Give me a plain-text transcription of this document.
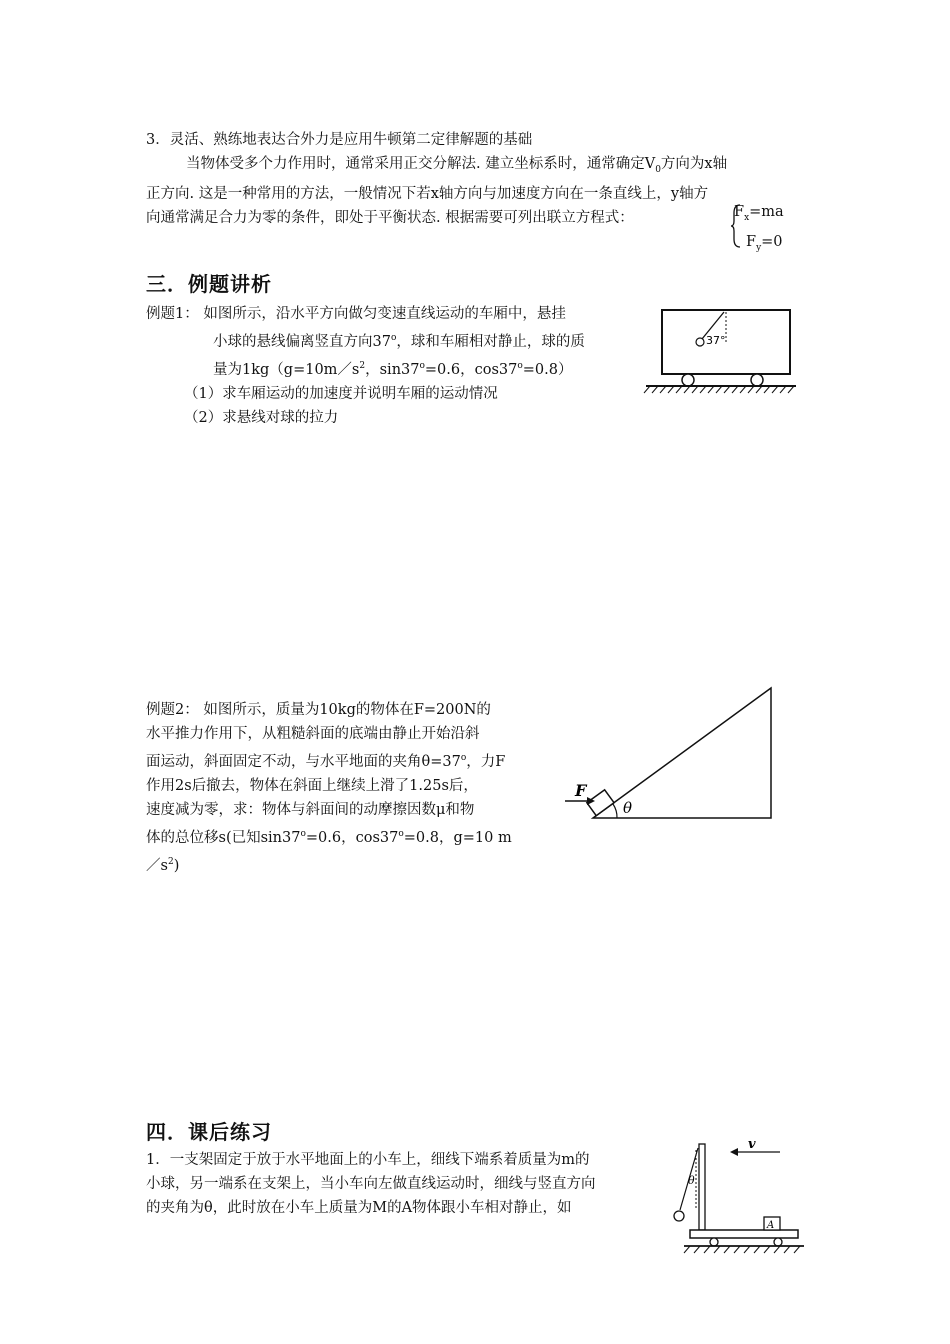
3．灵活、熟练地表达合外力是应用牛顿第二定律解题的基础
当物体受多个力作用时，通常采用正交分解法. 建立坐标系时，通常确定$V_0$方向为x轴
正方向. 这是一种常用的方法，一般情况下若x轴方向与加速度方向在一条直线上，y轴方
向通常满足合力为零的条件，即处于平衡状态. 根据需要可列出联立方程式：	$F_x=ma$
$F_y=0$
三．例题讲析
例题1： 如图所示，沿水平方向做匀变速直线运动的车厢中，悬挂
小球的悬线偏离竖直方向37$^o$，球和车厢相对静止，球的质
量为$1kg(g=10m/s^2$，$\sin 37^o=0.6$，$\cos 37^o=0.8$）
（1）求车厢运动的加速度并说明车厢的运动情况
（2）求悬线对球的拉力
37°
例题2： 如图所示，质量为10kg的物体在F=200N的
水平推力作用下，从粗糙斜面的底端由静止开始沿斜
面运动，斜面固定不动，与水平地面的夹角$\theta=37^o$，力F
作用2s后撤去，物体在斜面上继续上滑了1.25s后，
速度减为零，求：物体与斜面间的动摩擦因数μ和物
体的总位移s(已知$\sin 37^o=0.6$，$\cos 37^o=0.8$，g=10 m
$/s^2$)
F
θ
四．课后练习
1．一支架固定于放于水平地面上的小车上，细线下端系着质量为m的
小球，另一端系在支架上，当小车向左做直线运动时，细线与竖直方向
的夹角为θ，此时放在小车上质量为M的A物体跟小车相对静止，如
v
θ
A
